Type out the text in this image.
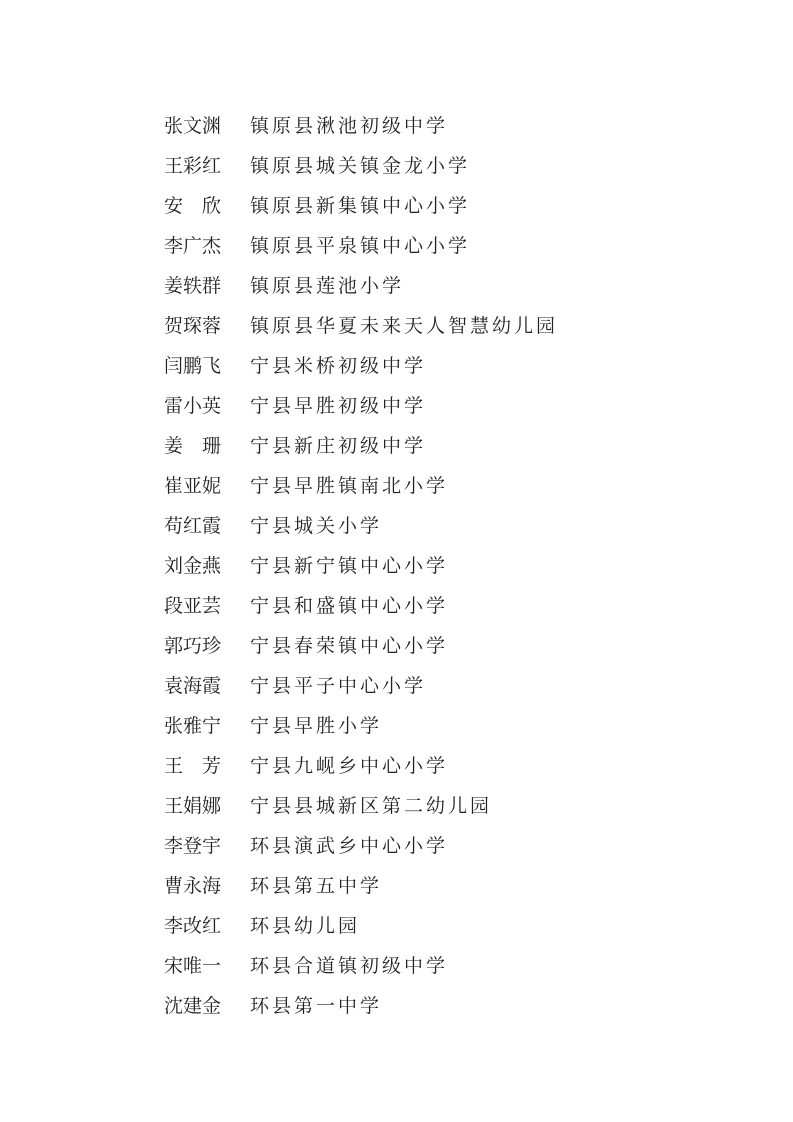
张文渊	镇原县湫池初级中学
王彩红	镇原县城关镇金龙小学
安　欣	镇原县新集镇中心小学
李广杰	镇原县平泉镇中心小学
姜轶群	镇原县莲池小学
贺琛蓉	镇原县华夏未来天人智慧幼儿园
闫鹏飞	宁县米桥初级中学
雷小英	宁县早胜初级中学
姜　珊	宁县新庄初级中学
崔亚妮	宁县早胜镇南北小学
苟红霞	宁县城关小学
刘金燕	宁县新宁镇中心小学
段亚芸	宁县和盛镇中心小学
郭巧珍	宁县春荣镇中心小学
袁海霞	宁县平子中心小学
张雅宁	宁县早胜小学
王　芳	宁县九岘乡中心小学
王娟娜	宁县县城新区第二幼儿园
李登宇	环县演武乡中心小学
曹永海	环县第五中学
李改红	环县幼儿园
宋唯一	环县合道镇初级中学
沈建金	环县第一中学
